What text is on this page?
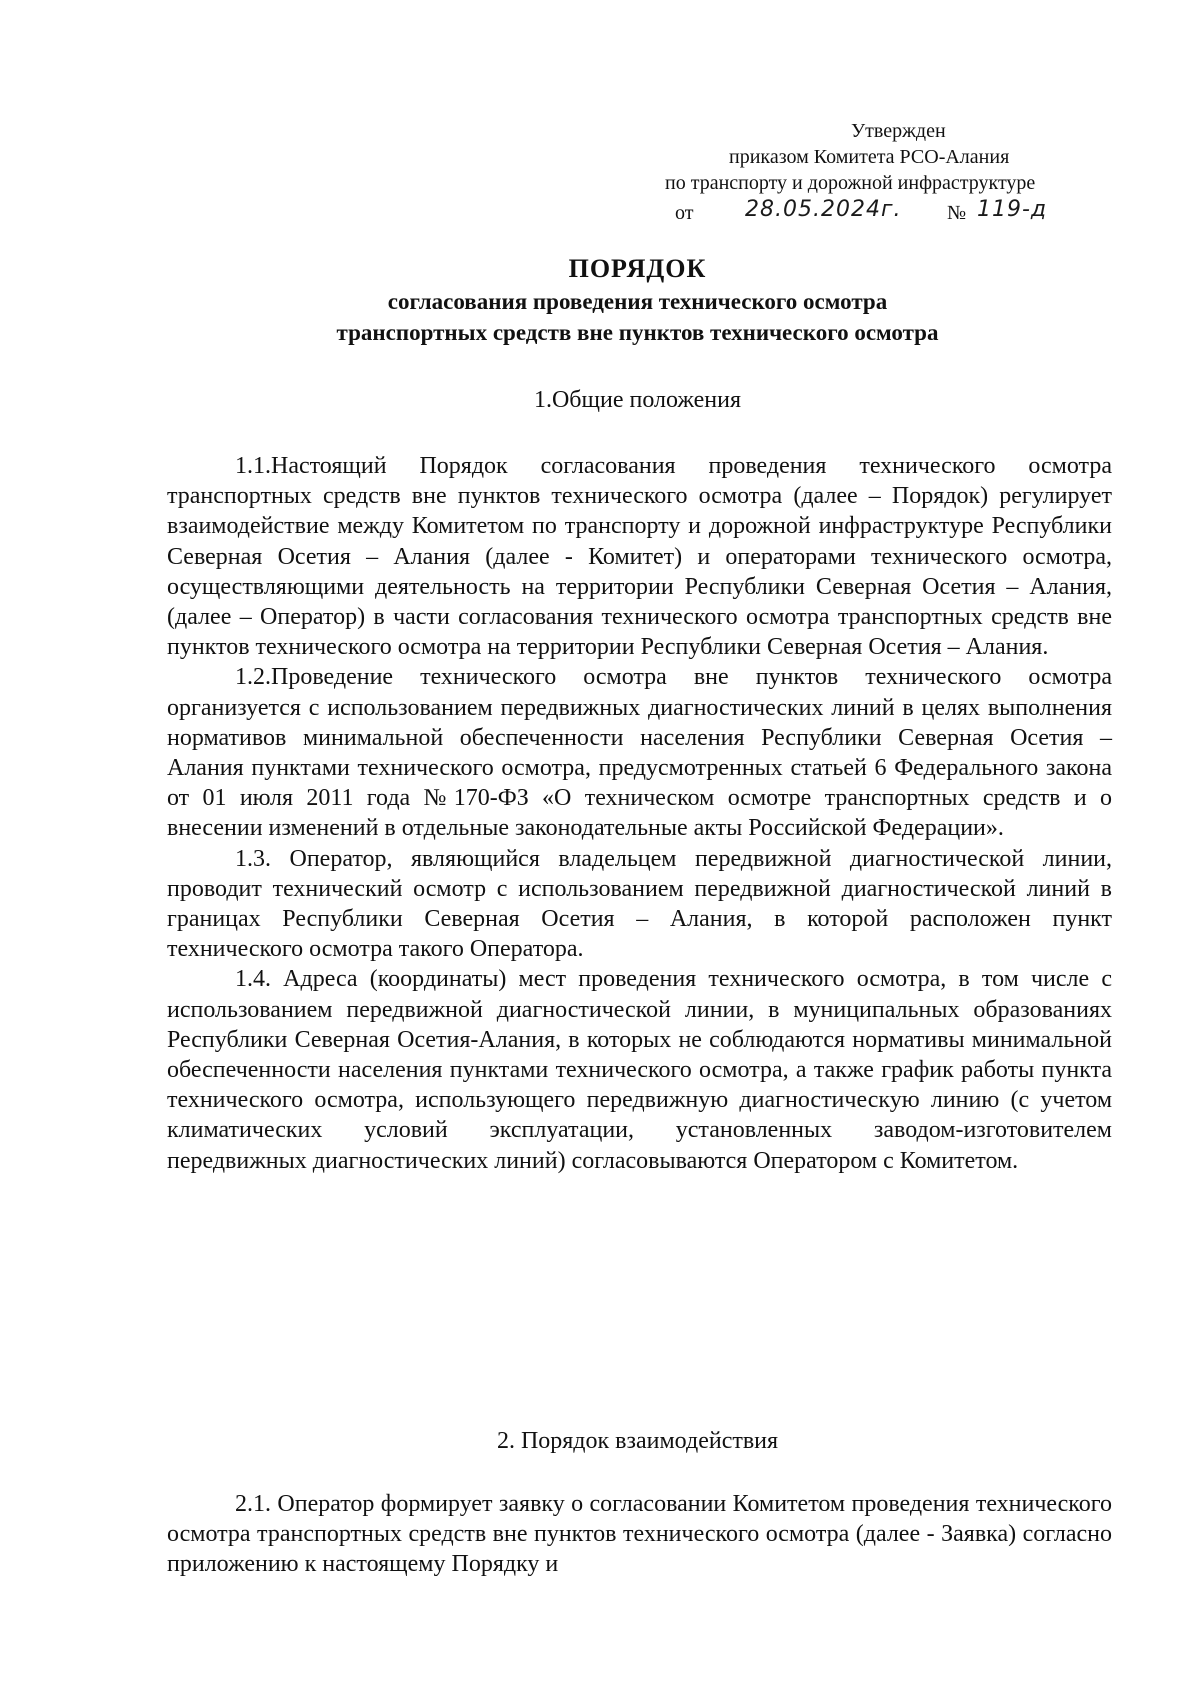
Утвержден
приказом Комитета РСО-Алания
по транспорту и дорожной инфраструктуре
от 28.05.2024г. № 119-д
ПОРЯДОК
согласования проведения технического осмотра
транспортных средств вне пунктов технического осмотра
1.Общие положения

1.1.Настоящий Порядок согласования проведения технического осмотра транспортных средств вне пунктов технического осмотра (далее – Порядок) регулирует взаимодействие между Комитетом по транспорту и дорожной инфраструктуре Республики Северная Осетия – Алания (далее - Комитет) и операторами технического осмотра, осуществляющими деятельность на территории Республики Северная Осетия – Алания, (далее – Оператор) в части согласования технического осмотра транспортных средств вне пунктов технического осмотра на территории Республики Северная Осетия – Алания.

1.2.Проведение технического осмотра вне пунктов технического осмотра организуется с использованием передвижных диагностических линий в целях выполнения нормативов минимальной обеспеченности населения Республики Северная Осетия – Алания пунктами технического осмотра, предусмотренных статьей 6 Федерального закона от 01 июля 2011 года №170-ФЗ «О техническом осмотре транспортных средств и о внесении изменений в отдельные законодательные акты Российской Федерации».

1.3. Оператор, являющийся владельцем передвижной диагностической линии, проводит технический осмотр с использованием передвижной диагностической линий в границах Республики Северная Осетия – Алания, в которой расположен пункт технического осмотра такого Оператора.

1.4. Адреса (координаты) мест проведения технического осмотра, в том числе с использованием передвижной диагностической линии, в муниципальных образованиях Республики Северная Осетия-Алания, в которых не соблюдаются нормативы минимальной обеспеченности населения пунктами технического осмотра, а также график работы пункта технического осмотра, использующего передвижную диагностическую линию (с учетом климатических условий эксплуатации, установленных заводом-изготовителем передвижных диагностических линий) согласовываются Оператором с Комитетом.

2. Порядок взаимодействия

2.1. Оператор формирует заявку о согласовании Комитетом проведения технического осмотра транспортных средств вне пунктов технического осмотра (далее - Заявка) согласно приложению к настоящему Порядку и
